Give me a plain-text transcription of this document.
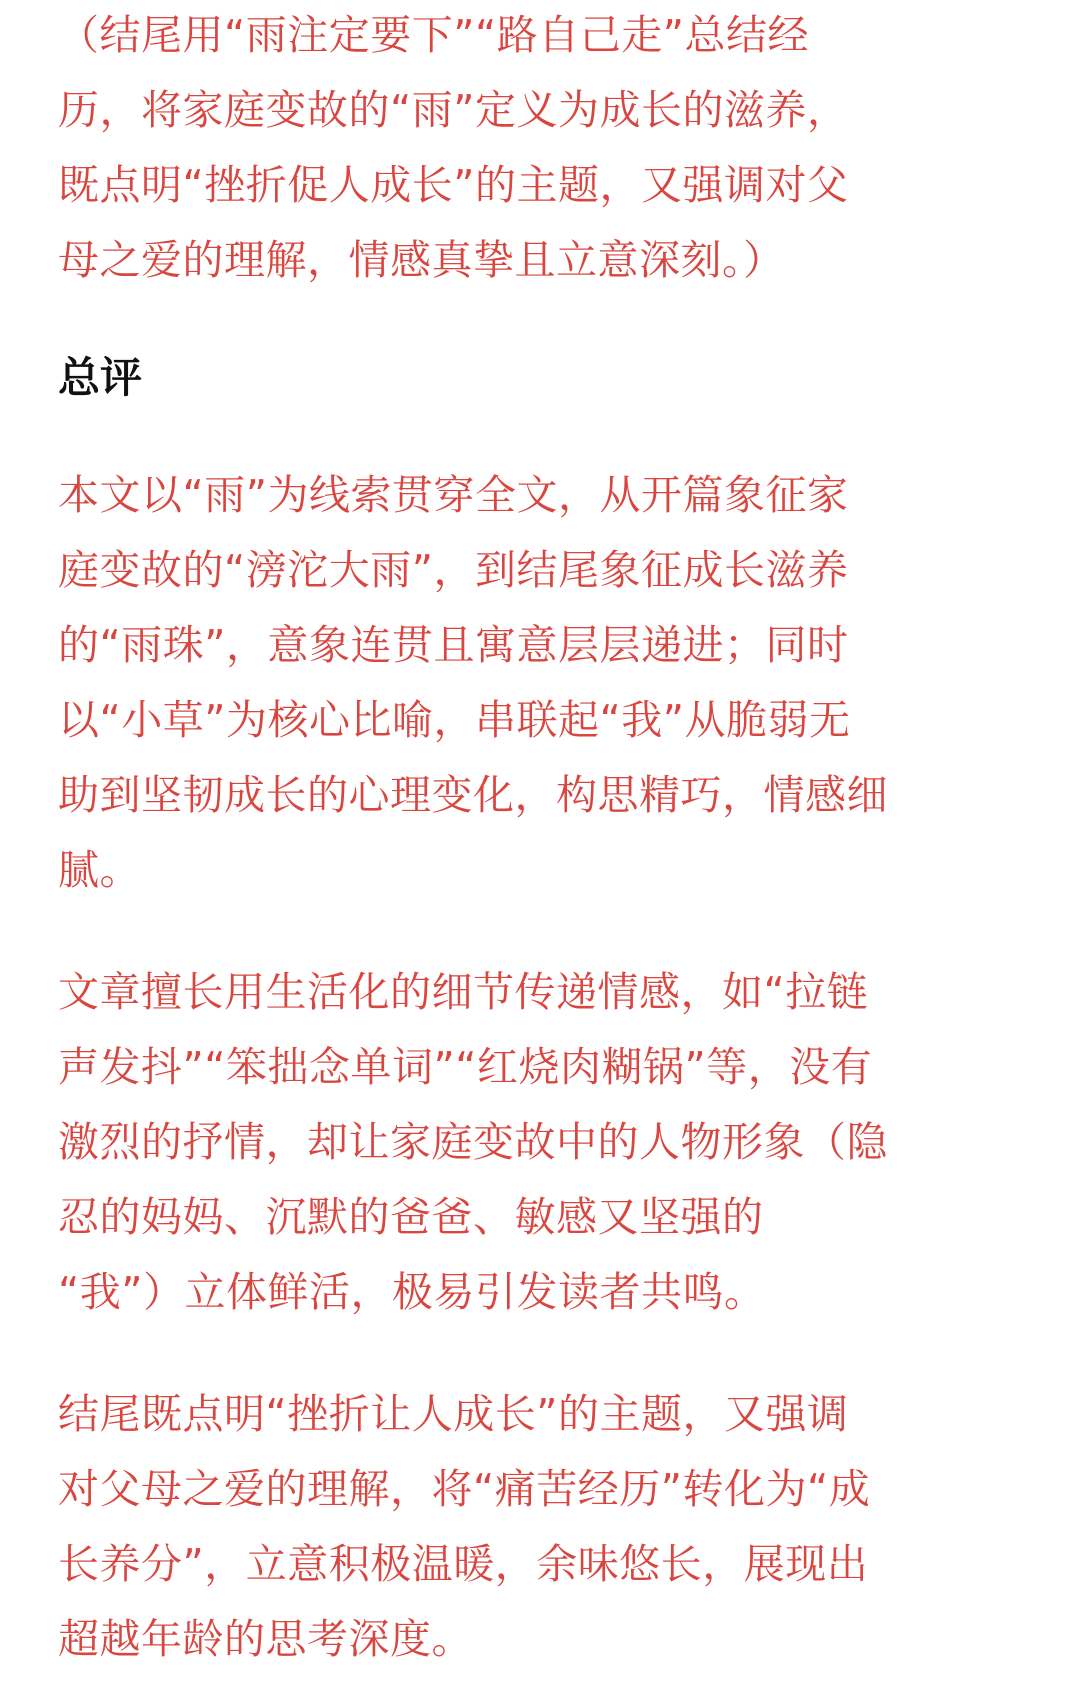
（结尾用“雨注定要下”“路自己走”总结经
历，将家庭变故的“雨”定义为成长的滋养，
既点明“挫折促人成长”的主题，又强调对父
母之爱的理解，情感真挚且立意深刻。）

总评

本文以“雨”为线索贯穿全文，从开篇象征家
庭变故的“滂沱大雨”，到结尾象征成长滋养
的“雨珠”，意象连贯且寓意层层递进；同时
以“小草”为核心比喻，串联起“我”从脆弱无
助到坚韧成长的心理变化，构思精巧，情感细
腻。

文章擅长用生活化的细节传递情感，如“拉链
声发抖”“笨拙念单词”“红烧肉糊锅”等，没有
激烈的抒情，却让家庭变故中的人物形象（隐
忍的妈妈、沉默的爸爸、敏感又坚强的
“我”）立体鲜活，极易引发读者共鸣。

结尾既点明“挫折让人成长”的主题，又强调
对父母之爱的理解，将“痛苦经历”转化为“成
长养分”，立意积极温暖，余味悠长，展现出
超越年龄的思考深度。
